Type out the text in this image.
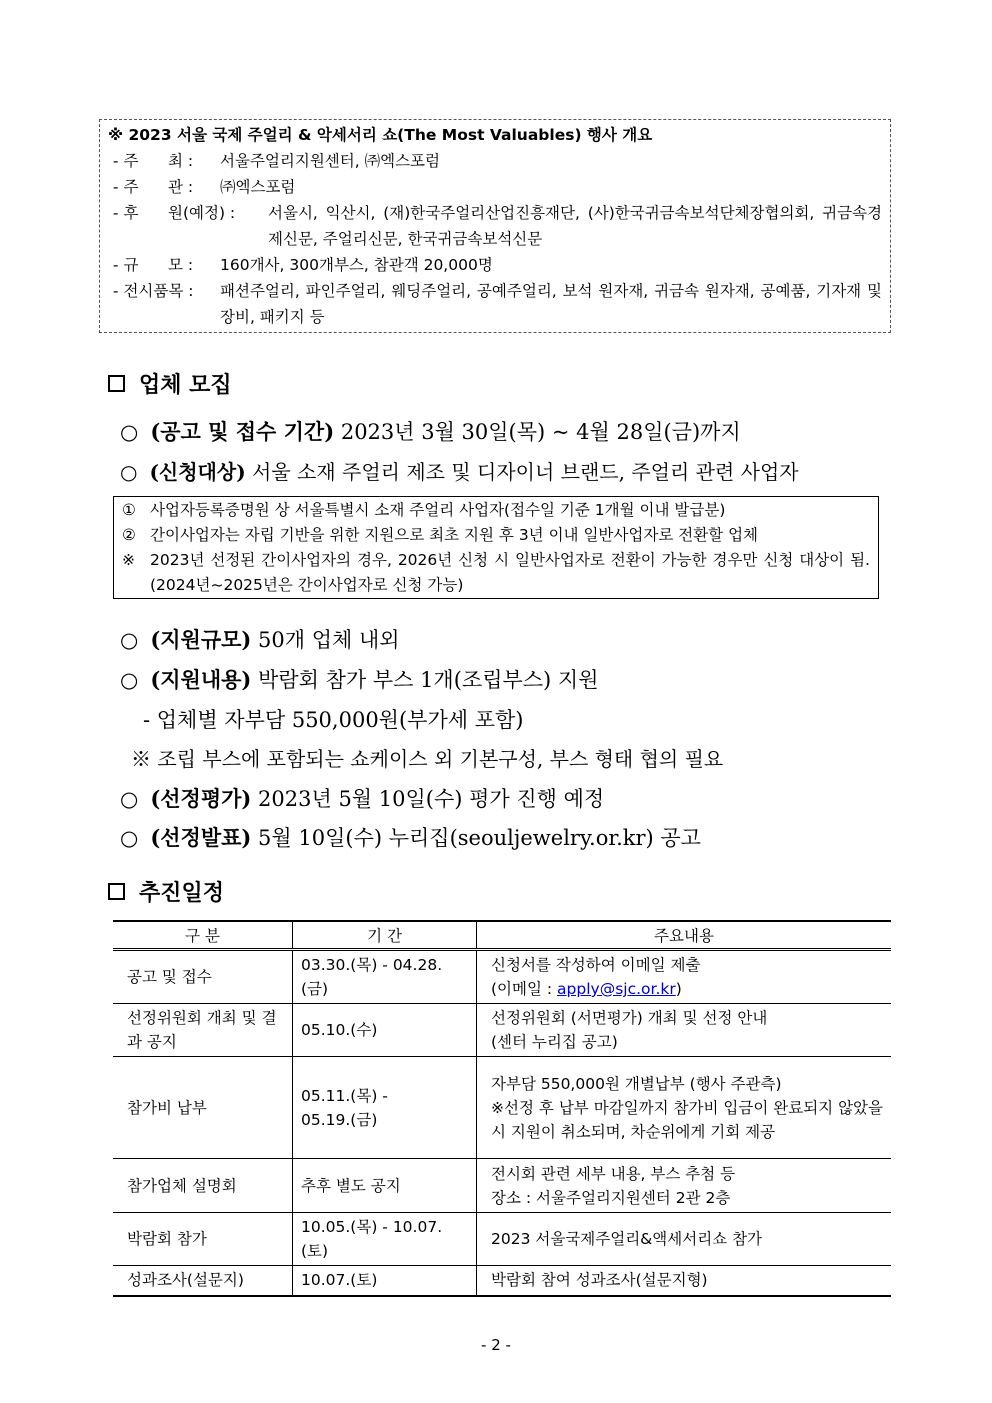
※ 2023 서울 국제 주얼리 & 악세서리 쇼(The Most Valuables) 행사 개요
- 주      최 :	서울주얼리지원센터, ㈜엑스포럼
- 주      관 :	㈜엑스포럼
- 후      원(예정) :	서울시, 익산시, (재)한국주얼리산업진흥재단, (사)한국귀금속보석단체장협의회, 귀금속경제신문, 주얼리신문, 한국귀금속보석신문
- 규      모 :	160개사, 300개부스, 참관객 20,000명
- 전시품목 :	패션주얼리, 파인주얼리, 웨딩주얼리, 공예주얼리, 보석 원자재, 귀금속 원자재, 공예품, 기자재 및 장비, 패키지 등
업체 모집
○ (공고 및 접수 기간) 2023년 3월 30일(목) ~ 4월 28일(금)까지
○ (신청대상) 서울 소재 주얼리 제조 및 디자이너 브랜드, 주얼리 관련 사업자
① 사업자등록증명원 상 서울특별시 소재 주얼리 사업자(접수일 기준 1개월 이내 발급분)
② 간이사업자는 자립 기반을 위한 지원으로 최초 지원 후 3년 이내 일반사업자로 전환할 업체
※ 2023년 선정된 간이사업자의 경우, 2026년 신청 시 일반사업자로 전환이 가능한 경우만 신청 대상이 됨. (2024년~2025년은 간이사업자로 신청 가능)
○ (지원규모) 50개 업체 내외
○ (지원내용) 박람회 참가 부스 1개(조립부스) 지원
- 업체별 자부담 550,000원(부가세 포함)
※ 조립 부스에 포함되는 쇼케이스 외 기본구성, 부스 형태 협의 필요
○ (선정평가) 2023년 5월 10일(수) 평가 진행 예정
○ (선정발표) 5월 10일(수) 누리집(seouljewelry.or.kr) 공고
추진일정
구 분	기 간	주요내용
공고 및 접수	03.30.(목) - 04.28.(금)	신청서를 작성하여 이메일 제출
(이메일 : apply@sjc.or.kr)

선정위원회 개최 및 결과 공지	05.10.(수)	선정위원회 (서면평가) 개최 및 선정 안내
(센터 누리집 공고)

참가비 납부	05.11.(목) - 05.19.(금)	자부담 550,000원 개별납부 (행사 주관측)
※선정 후 납부 마감일까지 참가비 입금이 완료되지 않았을 시 지원이 취소되며, 차순위에게 기회 제공

참가업체 설명회	추후 별도 공지	전시회 관련 세부 내용, 부스 추첨 등
장소 : 서울주얼리지원센터 2관 2층

박람회 참가	10.05.(목) - 10.07.(토)	2023 서울국제주얼리&액세서리쇼 참가
성과조사(설문지)	10.07.(토)	박람회 참여 성과조사(설문지형)
- 2 -
